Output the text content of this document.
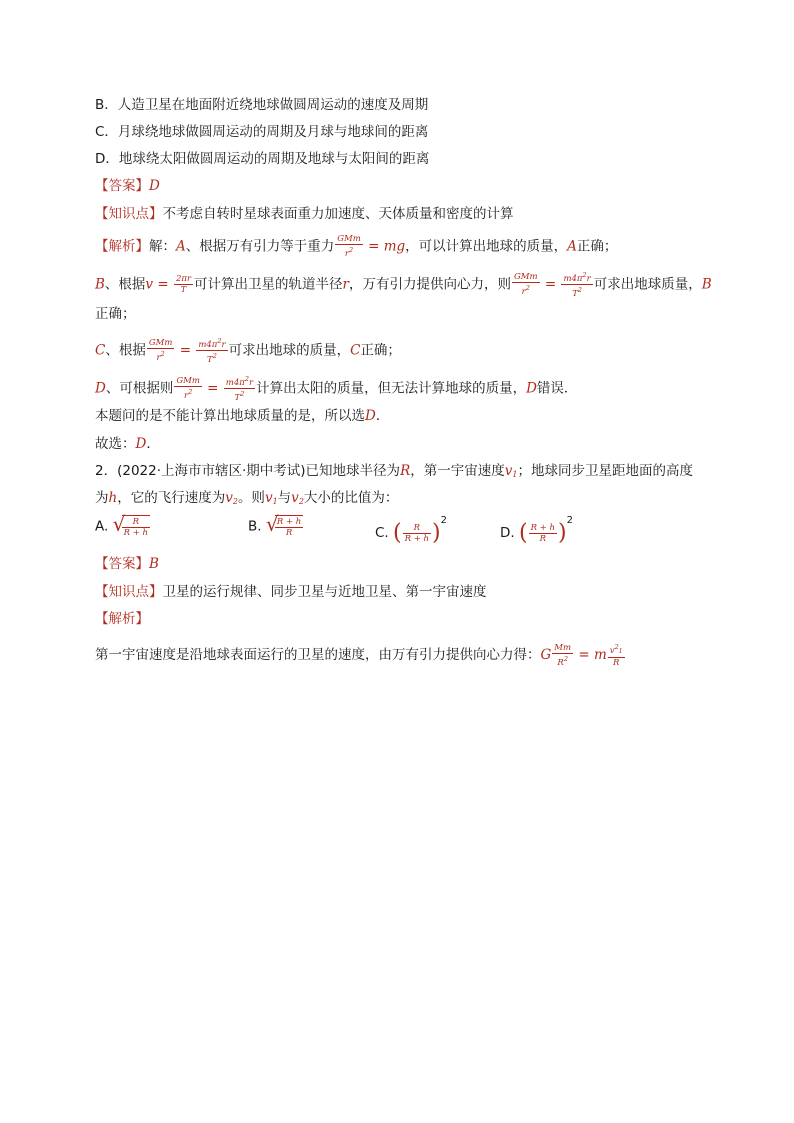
B．人造卫星在地面附近绕地球做圆周运动的速度及周期
C．月球绕地球做圆周运动的周期及月球与地球间的距离
D．地球绕太阳做圆周运动的周期及地球与太阳间的距离
【答案】D
【知识点】不考虑自转时星球表面重力加速度、天体质量和密度的计算
【解析】解：A、根据万有引力等于重力 $\frac{\text{GMm}}{r^2}$ = mg，可以计算出地球的质量，A正确；
B、根据$v = \frac{2\pi r}{T}$ 可计算出卫星的轨道半径r，万有引力提供向心力，则 $\frac{\text{GMm}}{r^2} = \frac{m4\pi^2r}{T^2}$ 可求出地球质量，B
正确；
C、根据 $\frac{\text{GMm}}{r^2} = \frac{m4\pi^2r}{T^2}$ 可求出地球的质量，C正确；
D、可根据则 $\frac{\text{GMm}}{r^2} = \frac{m4\pi^2r}{T^2}$ 计算出太阳的质量，但无法计算地球的质量，D错误．
本题问的是不能计算出地球质量的是，所以选D．
故选：D．
2．(2022·上海市市辖区·期中考试)已知地球半径为R，第一宇宙速度$v_1$；地球同步卫星距地面的高度
为h，它的飞行速度为$v_2$。则$v_1$与$v_2$大小的比值为：
A. √
$\frac{R}{R + h}$	B. √
$\frac{R + h}{R}$	C. ( $\frac{R}{R + h} )^2$
D. ( $\frac{R + h}{R} )^2$
【答案】B
【知识点】卫星的运行规律、同步卫星与近地卫星、第一宇宙速度
【解析】
第一宇宙速度是沿地球表面运行的卫星的速度，由万有引力提供向心力得：G $\frac{Mm}{R^2} = m \frac{v^21}{R}$
